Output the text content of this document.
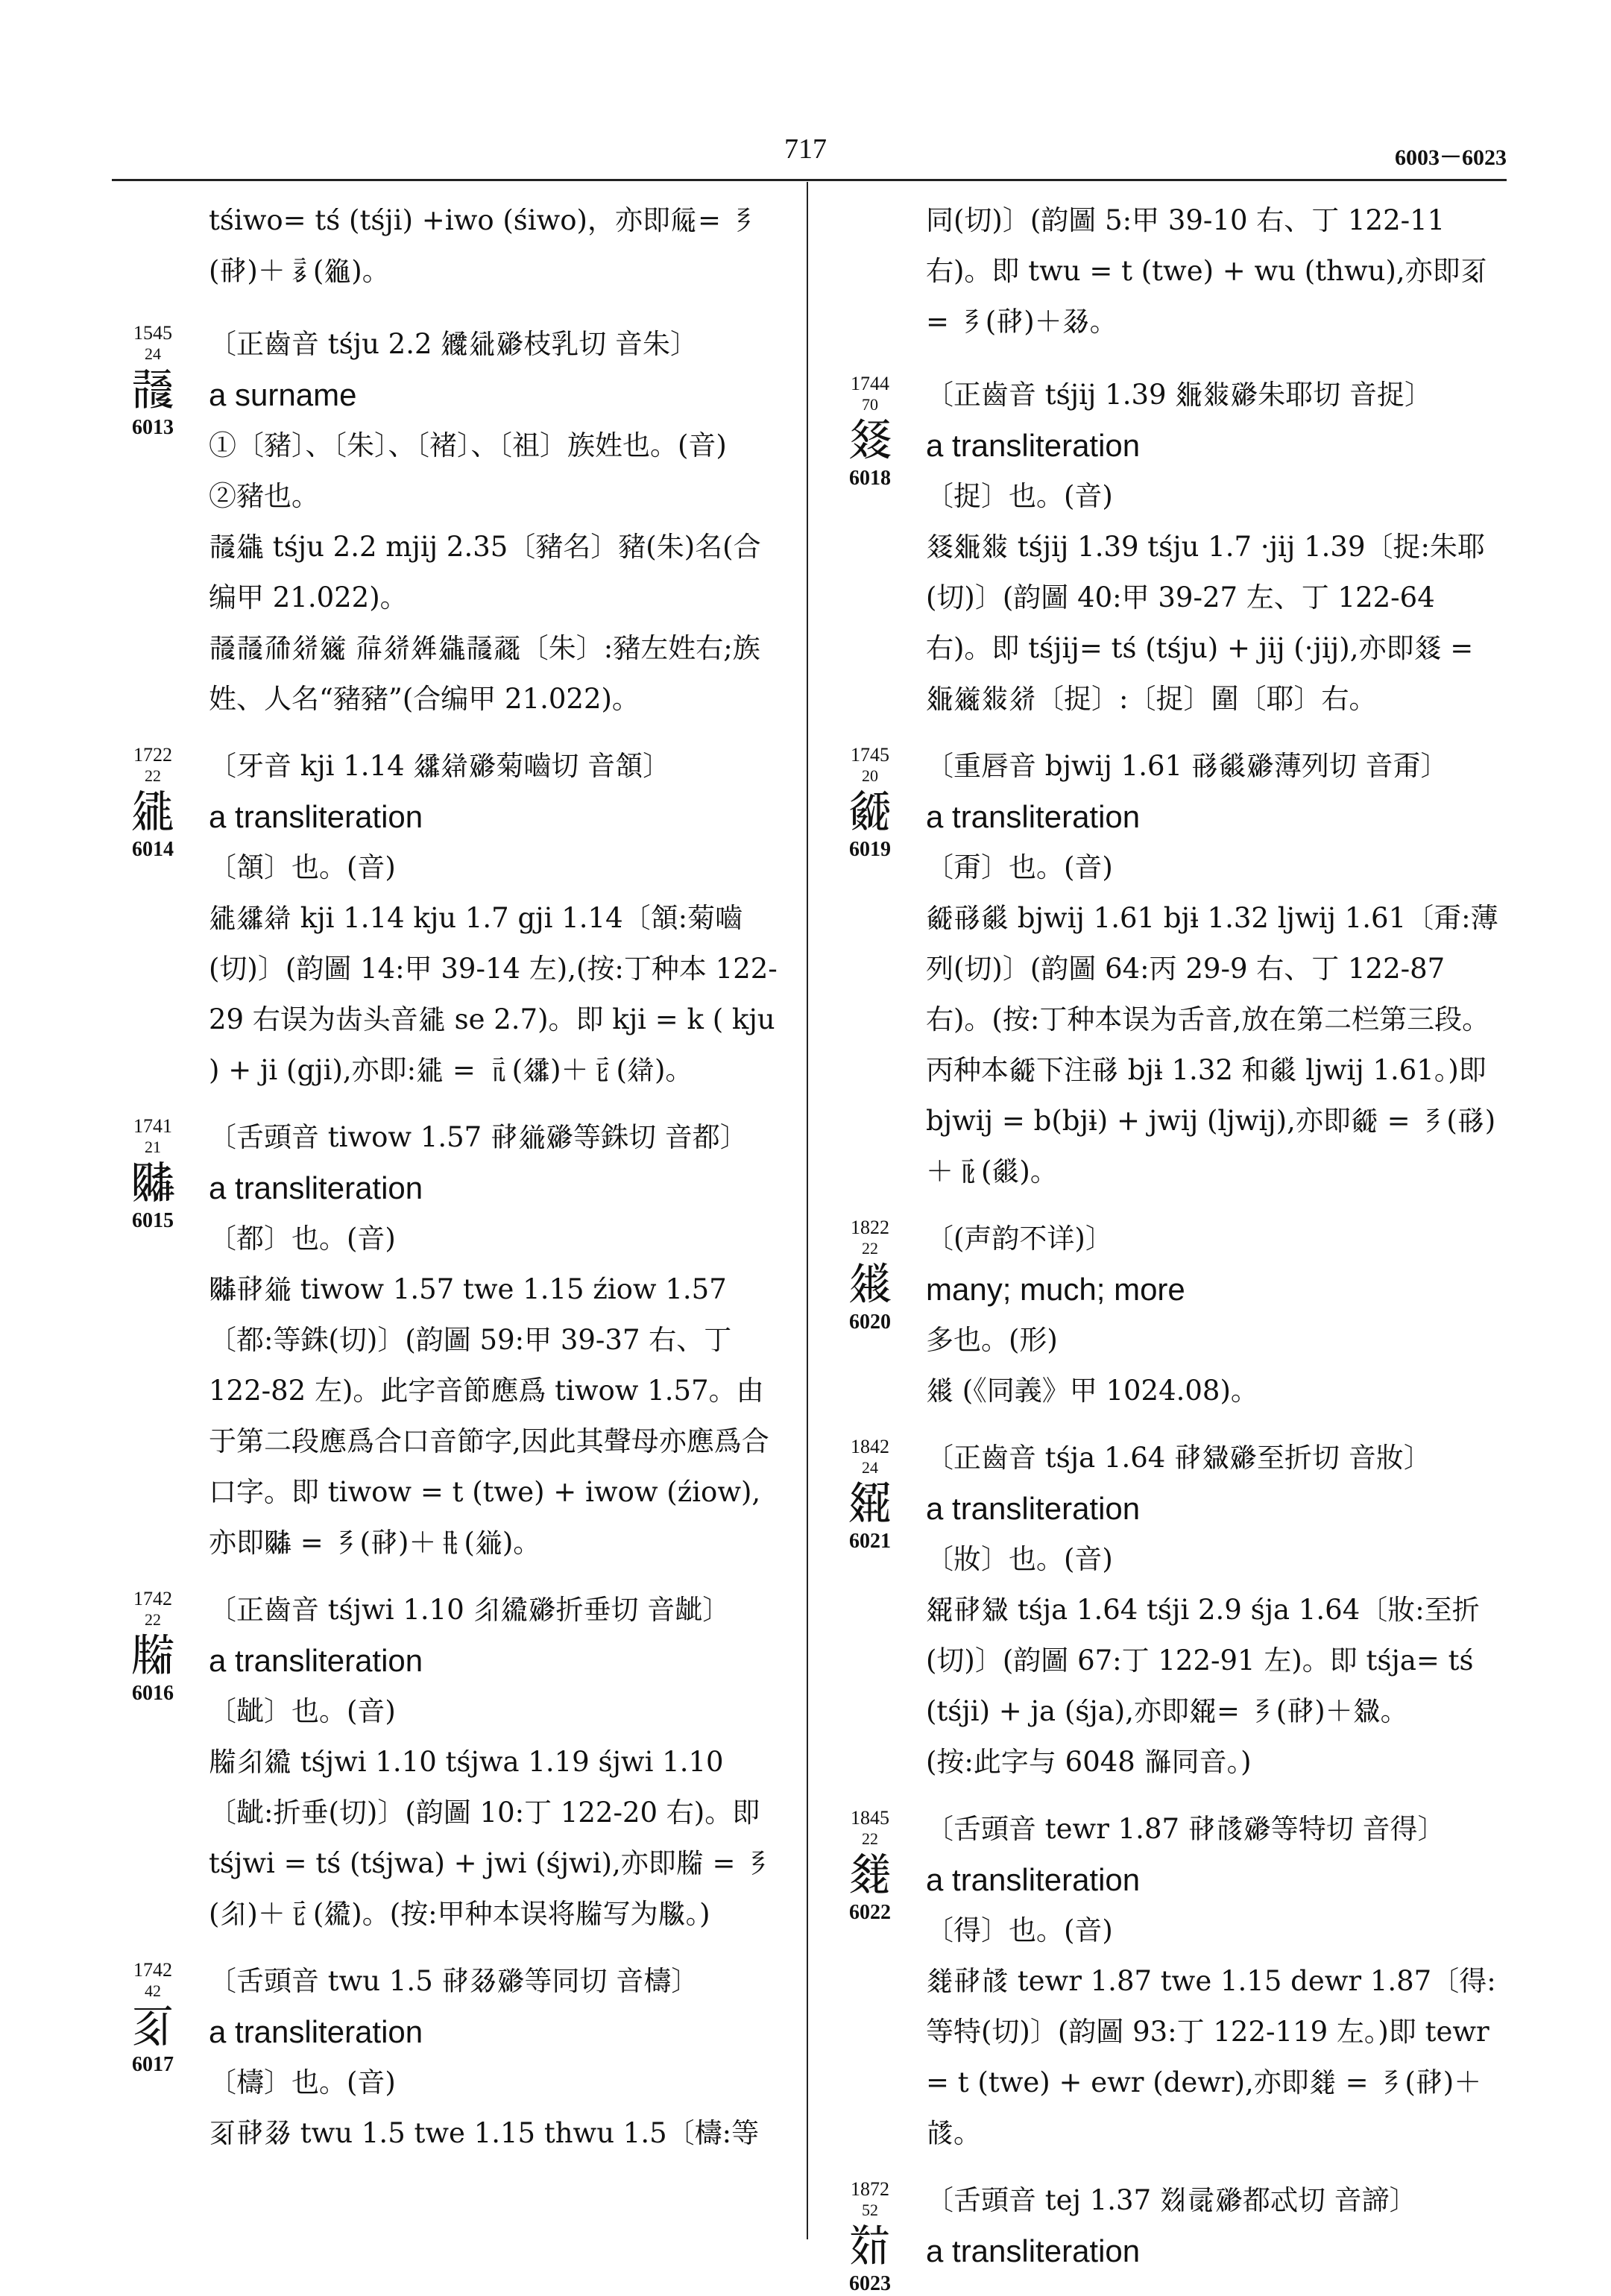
717	6003－6023

tśiwo= tś (tśji) +iwo (śiwo)，亦即𗏁= 𘠅(𗟡)＋𘡦(𗨖)。

1545
24
𘄋
6013

〔正齒音 tśju 2.2 𗫰𗣼𗡪枝乳切 音朱〕

a surname

①〔豬〕、〔朱〕、〔褚〕、〔祖〕族姓也。(音)

②豬也。

𘄋𗪘 tśju 2.2 mjij 2.35〔豬名〕豬(朱)名(合编甲 21.022)。

𘄋𘄋𗗙𗣬𗫂 𗗚𗣬𗤶𗪘𘄋𗹙〔朱〕:豬左姓右;族姓、人名“豬豬”(合编甲 21.022)。

1722
22
𗧓
6014

〔牙音 kji 1.14 𗫓𗧉𗡪菊嚙切 音頷〕

a transliteration

〔頷〕也。(音)

𗧓𗫓𗧉 kji 1.14 kju 1.7 gji 1.14〔頷:菊嚙(切)〕(韵圖 14:甲 39-14 左),(按:丁种本 122-29 右误为齿头音𗧓 se 2.7)。即 kji = k ( kju ) + ji (gji),亦即:𗧓 = 𘡥(𗫓)＋𘡧(𗧉)。

1741
21
𘉗
6015

〔舌頭音 tiwow 1.57 𗟡𗥤𗡪等銖切 音都〕

a transliteration

〔都〕也。(音)

𘉗𗟡𗥤 tiwow 1.57 twe 1.15 źiow 1.57〔都:等銖(切)〕(韵圖 59:甲 39-37 右、丁 122-82 左)。此字音節應爲 tiwow 1.57。由于第二段應爲合口音節字,因此其聲母亦應爲合口字。即 tiwow = t (twe) + iwow (źiow),亦即𘉗 = 𘠅(𗟡)＋𘢀(𗥤)。

1742
22
𗹨
6016

〔正齒音 tśjwi 1.10 𗼃𗫔𗡪折垂切 音龇〕

a transliteration

〔龇〕也。(音)

𗹨𗼃𗫔 tśjwi 1.10 tśjwa 1.19 śjwi 1.10〔龇:折垂(切)〕(韵圖 10:丁 122-20 右)。即 tśjwi = tś (tśjwa) + jwi (śjwi),亦即𗹨 = 𘠅(𗼃)＋𘡧(𗫔)。(按:甲种本误将𗹨写为𗹩。)

1742
42
𘈩
6017

〔舌頭音 twu 1.5 𗟡𗳘𗡪等同切 音檮〕

a transliteration

〔檮〕也。(音)

𘈩𗟡𗳘 twu 1.5 twe 1.15 thwu 1.5〔檮:等

同(切)〕(韵圖 5:甲 39-10 右、丁 122-11 右)。即 twu = t (twe) + wu (thwu),亦即𘈩 = 𘠅(𗟡)＋𗳘。

1744
70
𗾭
6018

〔正齒音 tśjij 1.39 𗾮𗾯𗡪朱耶切 音捉〕

a transliteration

〔捉〕也。(音)

𗾭𗾮𗾯 tśjij 1.39 tśju 1.7 ·jij 1.39〔捉:朱耶(切)〕(韵圖 40:甲 39-27 左、丁 122-64 右)。即 tśjij= tś (tśju) + jij (·jij),亦即𗾭 = 𗾮𗫂𗾯𗣬〔捉〕:〔捉〕圍〔耶〕右。

1745
20
𘊀
6019

〔重唇音 bjwij 1.61 𗟢𘊁𗡪薄列切 音甭〕

a transliteration

〔甭〕也。(音)

𘊀𗟢𘊁 bjwij 1.61 bjɨ 1.32 ljwij 1.61〔甭:薄列(切)〕(韵圖 64:丙 29-9 右、丁 122-87 右)。(按:丁种本误为舌音,放在第二栏第三段。丙种本𘊀下注𗟢 bjɨ 1.32 和𘊁 ljwij 1.61。)即 bjwij = b(bjɨ) + jwij (ljwij),亦即𘊀 = 𘠅(𗟢)＋𘡭(𘊁)。

1822
22
𗧤
6020

〔(声韵不详)〕

many; much; more

多也。(形)

𗧤 (《同義》甲 1024.08)。

1842
24
𗿜
6021

〔正齒音 tśja 1.64 𗟡𗿝𗡪至折切 音妝〕

a transliteration

〔妝〕也。(音)

𗿜𗟡𗿝 tśja 1.64 tśji 2.9 śja 1.64〔妝:至折(切)〕(韵圖 67:丁 122-91 左)。即 tśja= tś (tśji) + ja (śja),亦即𗿜= 𘠅(𗟡)＋𗿝。

(按:此字与 6048 𘁦同音。)

1845
22
𘊞
6022

〔舌頭音 tewr 1.87 𗟡𗭗𗡪等特切 音得〕

a transliteration

〔得〕也。(音)

𘊞𗟡𗭗 tewr 1.87 twe 1.15 dewr 1.87〔得:等特(切)〕(韵圖 93:丁 122-119 左。)即 tewr = t (twe) + ewr (dewr),亦即𘊞 = 𘠅(𗟡)＋𗭗。

1872
52
𘋧
6023

〔舌頭音 tej 1.37 𘋨𗕑𗡪都忒切 音諦〕

a transliteration
